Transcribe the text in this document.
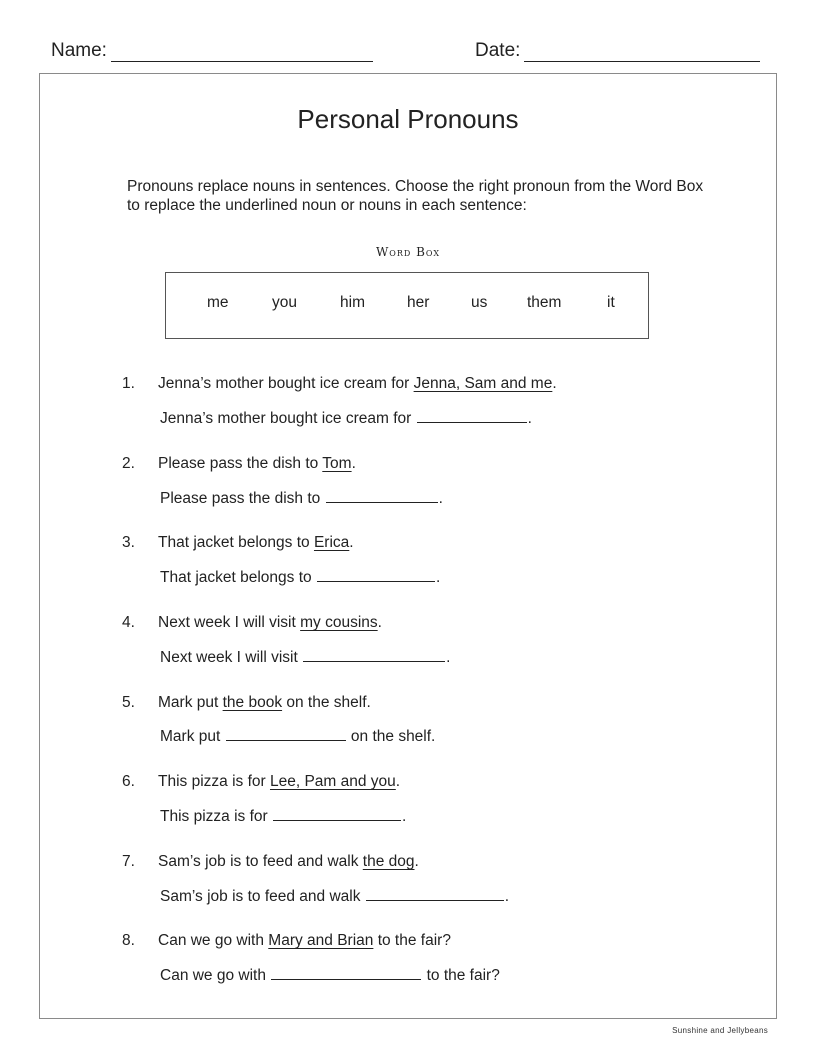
Name:	Date:
Personal Pronouns
Pronouns replace nouns in sentences. Choose the right pronoun from the Word Box to replace the underlined noun or nouns in each sentence:
Word Box
me	you	him	her	us	them	it
1. Jenna’s mother bought ice cream for Jenna, Sam and me.
Jenna’s mother bought ice cream for	.
2. Please pass the dish to Tom.
Please pass the dish to	.
3. That jacket belongs to Erica.
That jacket belongs to	.
4. Next week I will visit my cousins.
Next week I will visit	.
5. Mark put the book on the shelf.
Mark put	on the shelf.
6. This pizza is for Lee, Pam and you.
This pizza is for	.
7. Sam’s job is to feed and walk the dog.
Sam’s job is to feed and walk	.
8. Can we go with Mary and Brian to the fair?
Can we go with	to the fair?
Sunshine and Jellybeans
